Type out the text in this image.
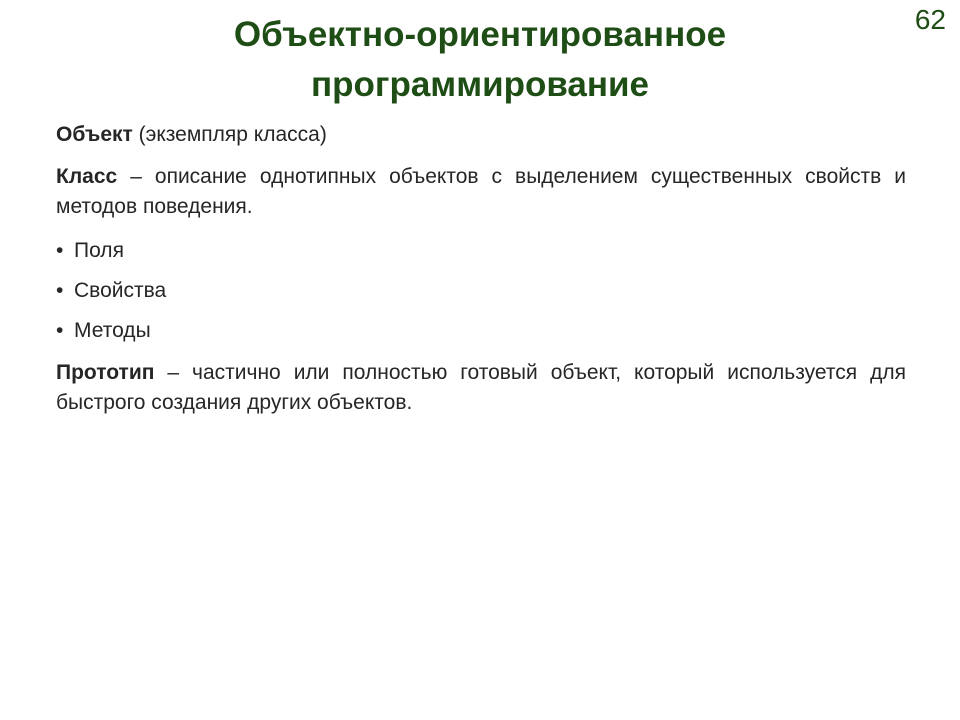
62
Объектно-ориентированное
программирование

Объект (экземпляр класса)

Класс – описание однотипных объектов с выделением существенных свойств и методов поведения.

• Поля
• Свойства
• Методы

Прототип – частично или полностью готовый объект, который используется для быстрого создания других объектов.
